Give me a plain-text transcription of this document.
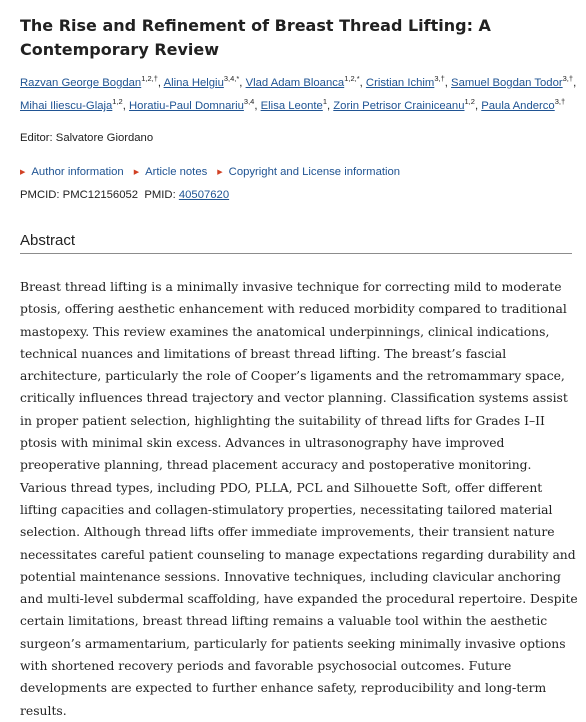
The Rise and Refinement of Breast Thread Lifting: A Contemporary Review
Razvan George Bogdan$^{1,2,\dagger}$, Alina Helgiu$^{3,4,*}$, Vlad Adam Bloanca$^{1,2,*}$, Cristian Ichim$^{3,\dagger}$, Samuel Bogdan Todor$^{3,\dagger}$,
Mihai Iliescu-Glaja$^{1,2}$, Horatiu-Paul Domnariu$^{3,4}$, Elisa Leonte$^1$, Zorin Petrisor Crainiceanu$^{1,2}$, Paula Anderco$^{3,\dagger}$
Editor: Salvatore Giordano
▶ Author information ▶ Article notes ▶ Copyright and License information
PMCID: PMC12156052 PMID: 40507620
Abstract

Breast thread lifting is a minimally invasive technique for correcting mild to moderate ptosis, offering aesthetic enhancement with reduced morbidity compared to traditional mastopexy. This review examines the anatomical underpinnings, clinical indications, technical nuances and limitations of breast thread lifting. The breast’s fascial architecture, particularly the role of Cooper’s ligaments and the retromammary space, critically influences thread trajectory and vector planning. Classification systems assist in proper patient selection, highlighting the suitability of thread lifts for Grades I–II ptosis with minimal skin excess. Advances in ultrasonography have improved preoperative planning, thread placement accuracy and postoperative monitoring. Various thread types, including PDO, PLLA, PCL and Silhouette Soft, offer different lifting capacities and collagen-stimulatory properties, necessitating tailored material selection. Although thread lifts offer immediate improvements, their transient nature necessitates careful patient counseling to manage expectations regarding durability and potential maintenance sessions. Innovative techniques, including clavicular anchoring and multi-level subdermal scaffolding, have expanded the procedural repertoire. Despite certain limitations, breast thread lifting remains a valuable tool within the aesthetic surgeon’s armamentarium, particularly for patients seeking minimally invasive options with shortened recovery periods and favorable psychosocial outcomes. Future developments are expected to further enhance safety, reproducibility and long-term results.
